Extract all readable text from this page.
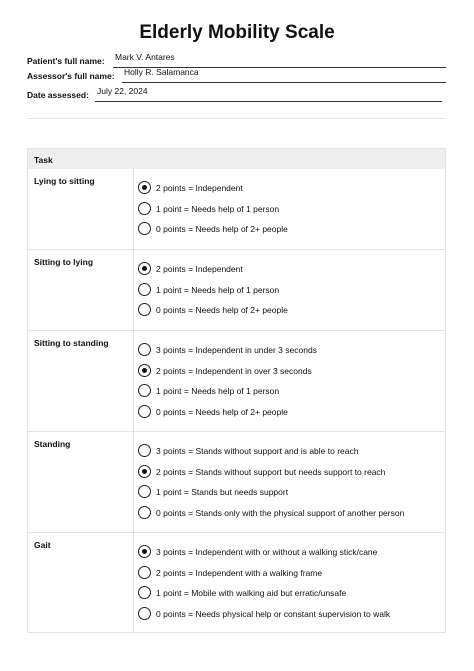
Elderly Mobility Scale
Patient's full name: Mark V. Antares
Assessor's full name: Holly R. Salamanca
Date assessed: July 22, 2024
Task
Lying to sitting
2 points = Independent
1 point = Needs help of 1 person
0 points = Needs help of 2+ people
Sitting to lying
2 points = Independent
1 point = Needs help of 1 person
0 points = Needs help of 2+ people
Sitting to standing
3 points = Independent in under 3 seconds
2 points = Independent in over 3 seconds
1 point = Needs help of 1 person
0 points = Needs help of 2+ people
Standing
3 points = Stands without support and is able to reach
2 points = Stands without support but needs support to reach
1 point = Stands but needs support
0 points = Stands only with the physical support of another person
Gait
3 points = Independent with or without a walking stick/cane
2 points = Independent with a walking frame
1 point = Mobile with walking aid but erratic/unsafe
0 points = Needs physical help or constant supervision to walk
